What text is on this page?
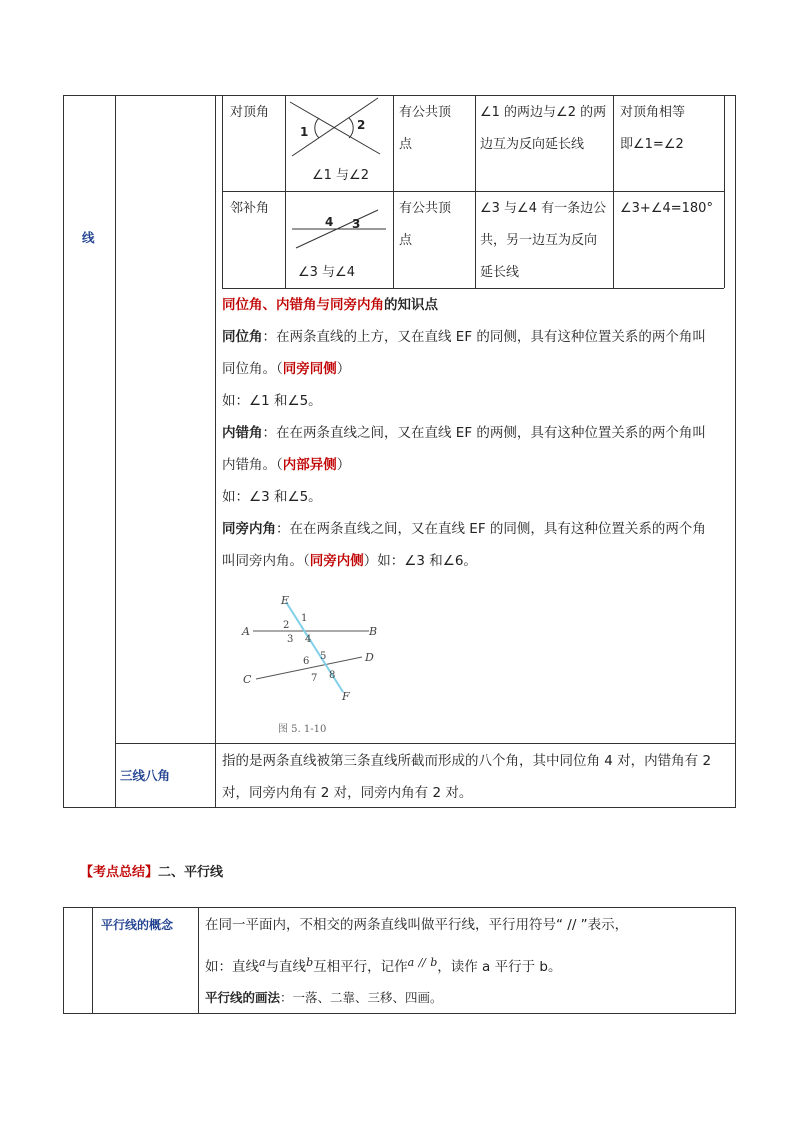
线
对顶角
1	2
∠1 与∠2
有公共顶
点
∠1 的两边与∠2 的两
边互为反向延长线
对顶角相等
即∠1=∠2
邻补角
4 3
∠3 与∠4
有公共顶
点
∠3 与∠4 有一条边公
共，另一边互为反向
延长线
∠3+∠4=180°
同位角、内错角与同旁内角的知识点
同位角：在两条直线的上方，又在直线 EF 的同侧，具有这种位置关系的两个角叫
同位角。（同旁同侧）
如：∠1 和∠5。
内错角：在在两条直线之间，又在直线 EF 的两侧，具有这种位置关系的两个角叫
内错角。（内部异侧）
如：∠3 和∠5。
同旁内角：在在两条直线之间，又在直线 EF 的同侧，具有这种位置关系的两个角
叫同旁内角。（同旁内侧）如：∠3 和∠6。
E
A	B
C
D
F
1
2
3 4
5
6
7 8
图 5. 1-10
三线八角
指的是两条直线被第三条直线所截而形成的八个角，其中同位角 4 对，内错角有 2
对，同旁内角有 2 对，同旁内角有 2 对。
【考点总结】二、平行线
平行线的概念 在同一平面内，不相交的两条直线叫做平行线，平行用符号“ // ”表示，
如：直线$^a$与直线$^b$互相平行，记作$^a$ // $^b$，读作 a 平行于 b。
平行线的画法：一落、二靠、三移、四画。
